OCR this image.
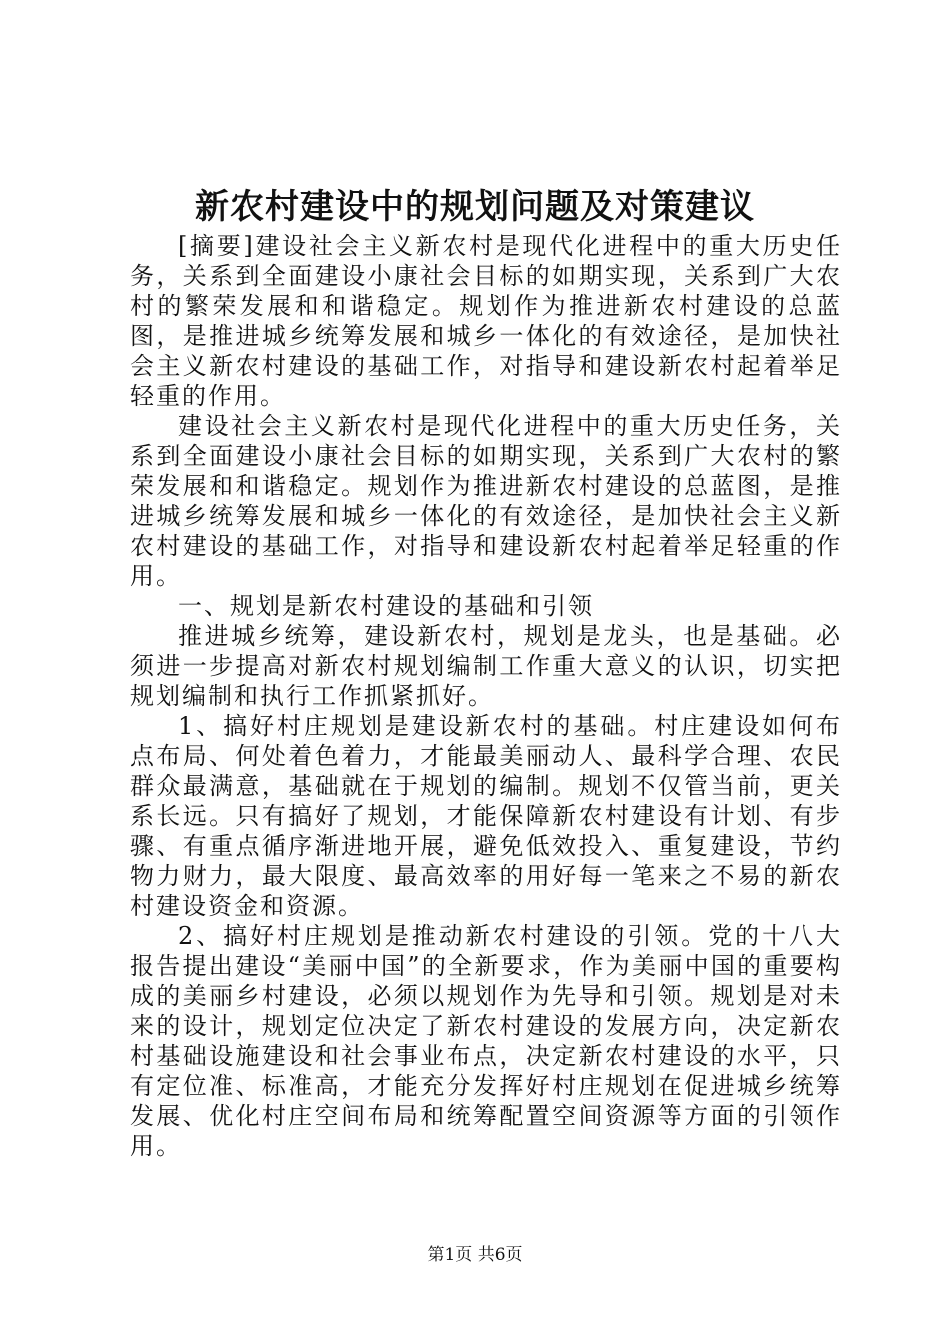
新农村建设中的规划问题及对策建议

[摘要]建设社会主义新农村是现代化进程中的重大历史任务，关系到全面建设小康社会目标的如期实现，关系到广大农村的繁荣发展和和谐稳定。规划作为推进新农村建设的总蓝图，是推进城乡统筹发展和城乡一体化的有效途径，是加快社会主义新农村建设的基础工作，对指导和建设新农村起着举足轻重的作用。

建设社会主义新农村是现代化进程中的重大历史任务，关系到全面建设小康社会目标的如期实现，关系到广大农村的繁荣发展和和谐稳定。规划作为推进新农村建设的总蓝图，是推进城乡统筹发展和城乡一体化的有效途径，是加快社会主义新农村建设的基础工作，对指导和建设新农村起着举足轻重的作用。

一、规划是新农村建设的基础和引领

推进城乡统筹，建设新农村，规划是龙头，也是基础。必须进一步提高对新农村规划编制工作重大意义的认识，切实把规划编制和执行工作抓紧抓好。

1、搞好村庄规划是建设新农村的基础。村庄建设如何布点布局、何处着色着力，才能最美丽动人、最科学合理、农民群众最满意，基础就在于规划的编制。规划不仅管当前，更关系长远。只有搞好了规划，才能保障新农村建设有计划、有步骤、有重点循序渐进地开展，避免低效投入、重复建设，节约物力财力，最大限度、最高效率的用好每一笔来之不易的新农村建设资金和资源。

2、搞好村庄规划是推动新农村建设的引领。党的十八大报告提出建设“美丽中国”的全新要求，作为美丽中国的重要构成的美丽乡村建设，必须以规划作为先导和引领。规划是对未来的设计，规划定位决定了新农村建设的发展方向，决定新农村基础设施建设和社会事业布点，决定新农村建设的水平，只有定位准、标准高，才能充分发挥好村庄规划在促进城乡统筹发展、优化村庄空间布局和统筹配置空间资源等方面的引领作用。

第1页 共6页
